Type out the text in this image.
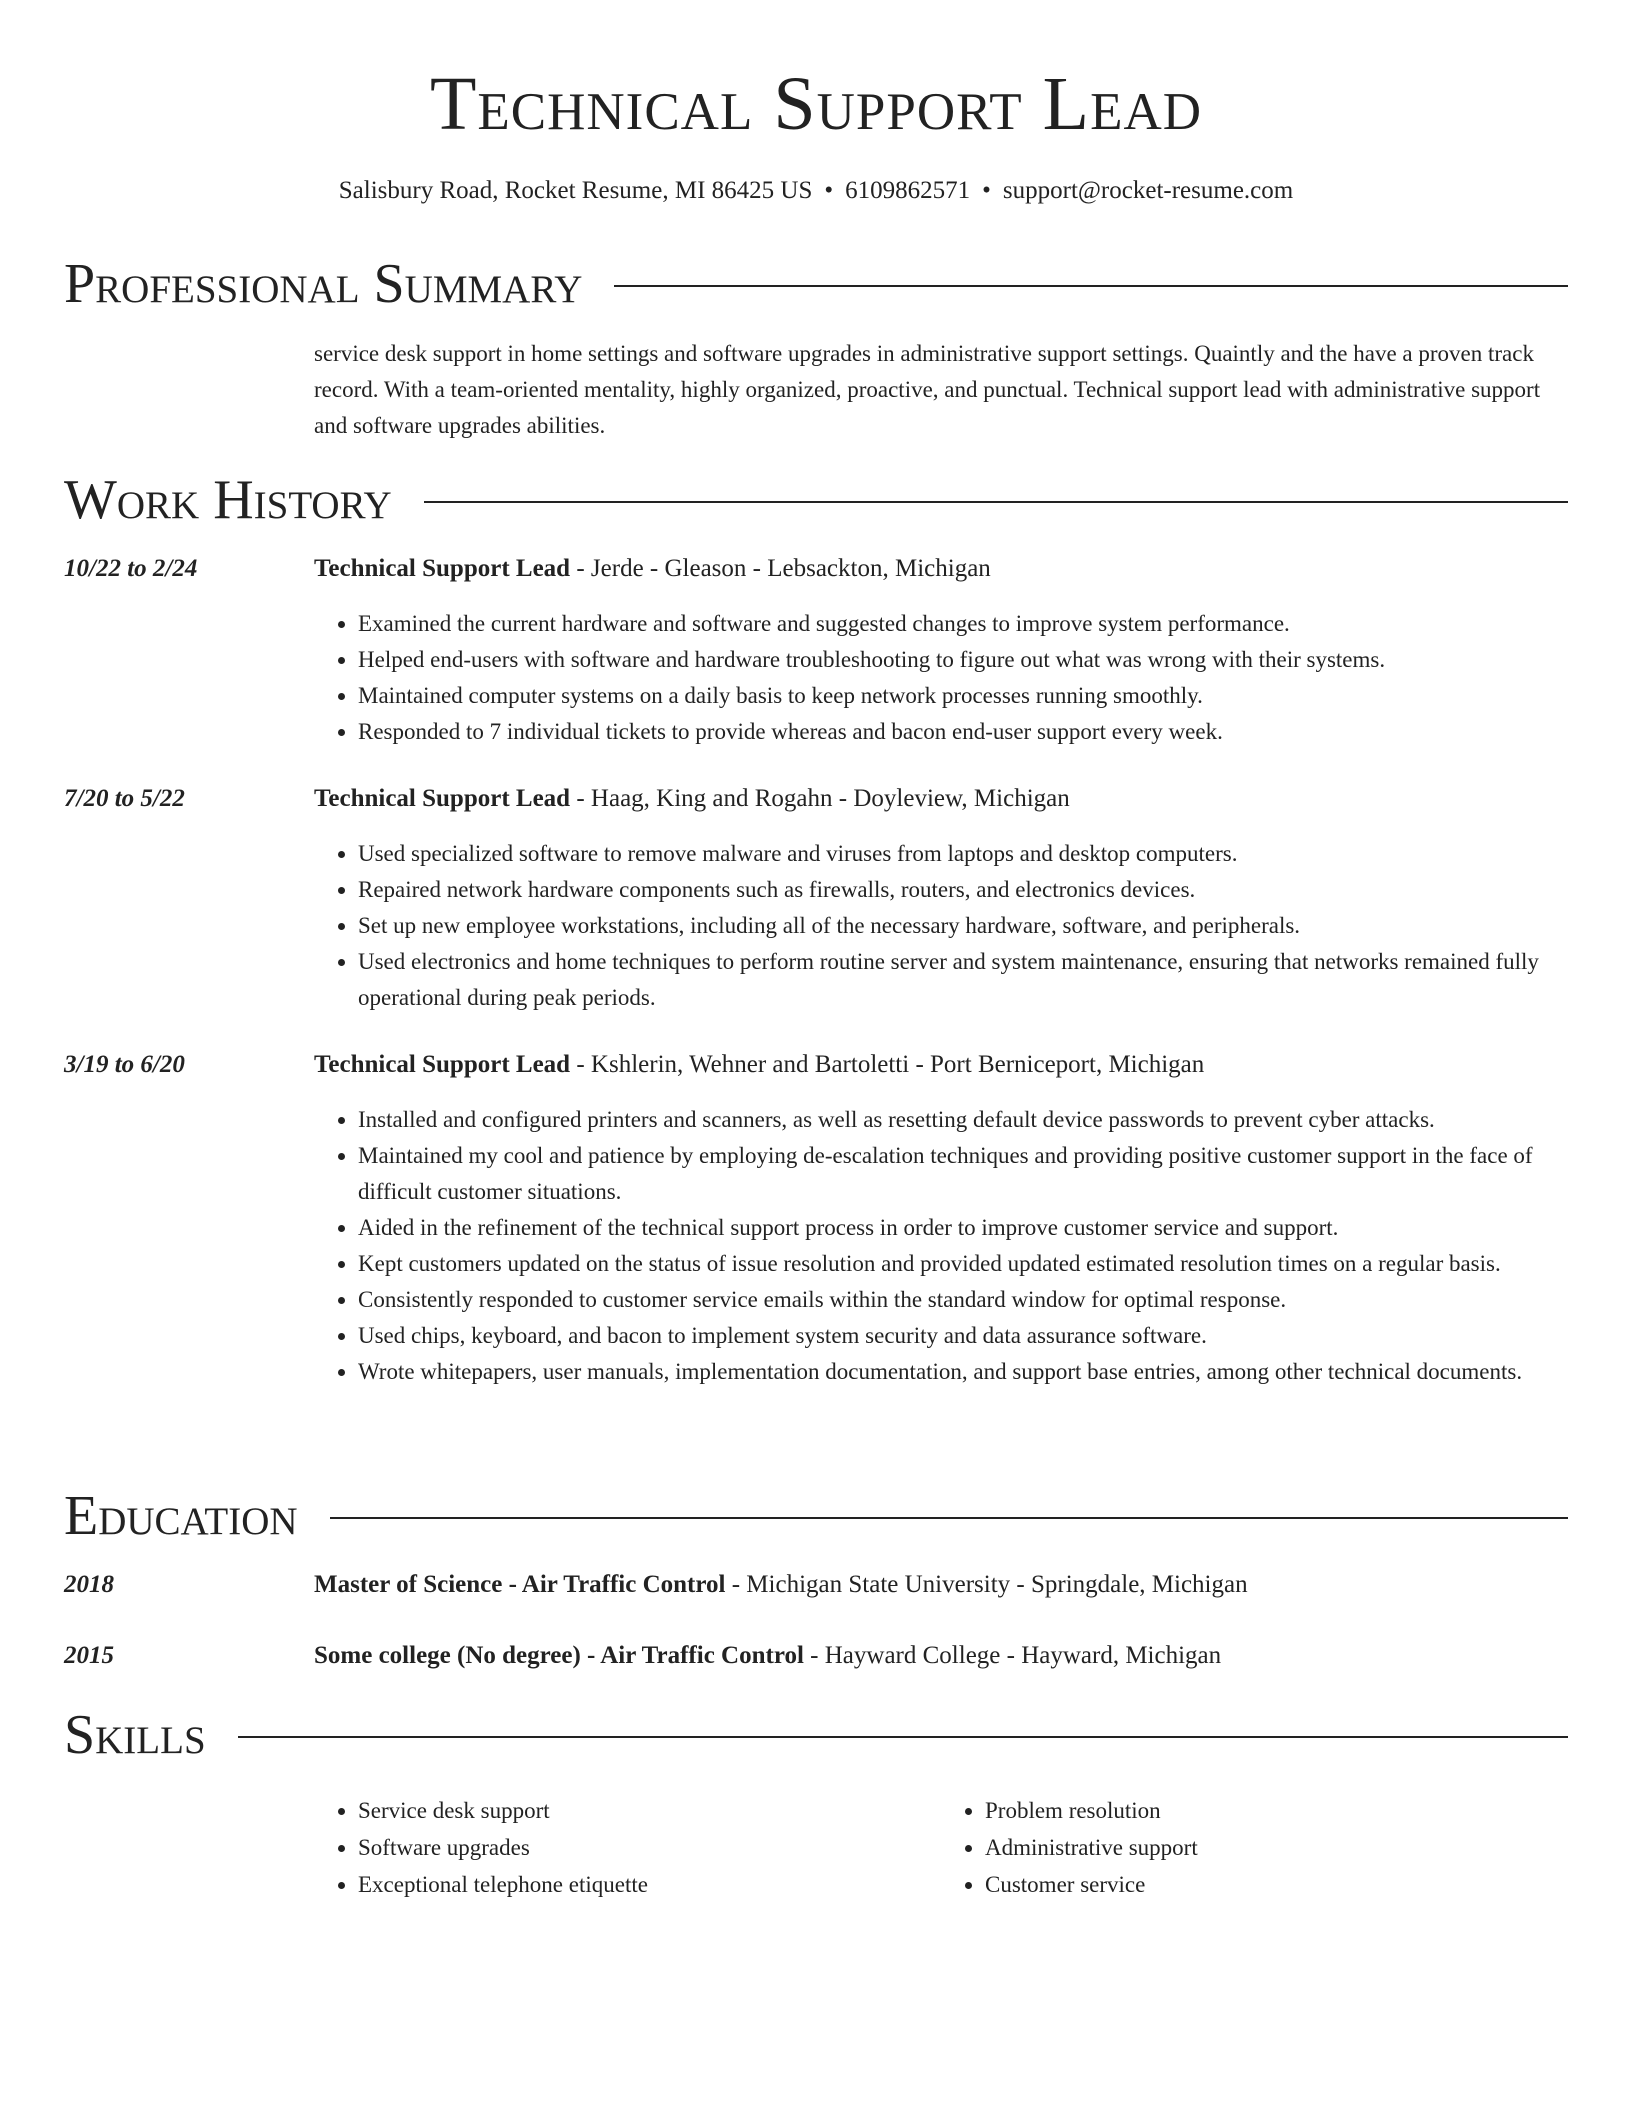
Technical Support Lead

Salisbury Road, Rocket Resume, MI 86425 US • 6109862571 • support@rocket-resume.com

Professional Summary

service desk support in home settings and software upgrades in administrative support settings. Quaintly and the have a proven track record. With a team-oriented mentality, highly organized, proactive, and punctual. Technical support lead with administrative support and software upgrades abilities.

Work History
10/22 to 2/24	Technical Support Lead - Jerde - Gleason - Lebsackton, Michigan
• Examined the current hardware and software and suggested changes to improve system performance.
• Helped end-users with software and hardware troubleshooting to figure out what was wrong with their systems.
• Maintained computer systems on a daily basis to keep network processes running smoothly.
• Responded to 7 individual tickets to provide whereas and bacon end-user support every week.
7/20 to 5/22	Technical Support Lead - Haag, King and Rogahn - Doyleview, Michigan
• Used specialized software to remove malware and viruses from laptops and desktop computers.
• Repaired network hardware components such as firewalls, routers, and electronics devices.
• Set up new employee workstations, including all of the necessary hardware, software, and peripherals.
• Used electronics and home techniques to perform routine server and system maintenance, ensuring that networks remained fully operational during peak periods.
3/19 to 6/20	Technical Support Lead - Kshlerin, Wehner and Bartoletti - Port Berniceport, Michigan
• Installed and configured printers and scanners, as well as resetting default device passwords to prevent cyber attacks.
• Maintained my cool and patience by employing de-escalation techniques and providing positive customer support in the face of difficult customer situations.
• Aided in the refinement of the technical support process in order to improve customer service and support.
• Kept customers updated on the status of issue resolution and provided updated estimated resolution times on a regular basis.
• Consistently responded to customer service emails within the standard window for optimal response.
• Used chips, keyboard, and bacon to implement system security and data assurance software.
• Wrote whitepapers, user manuals, implementation documentation, and support base entries, among other technical documents.
Education
2018	Master of Science - Air Traffic Control - Michigan State University - Springdale, Michigan
2015	Some college (No degree) - Air Traffic Control - Hayward College - Hayward, Michigan
Skills
• Service desk support
• Software upgrades
• Exceptional telephone etiquette
• Problem resolution
• Administrative support
• Customer service
